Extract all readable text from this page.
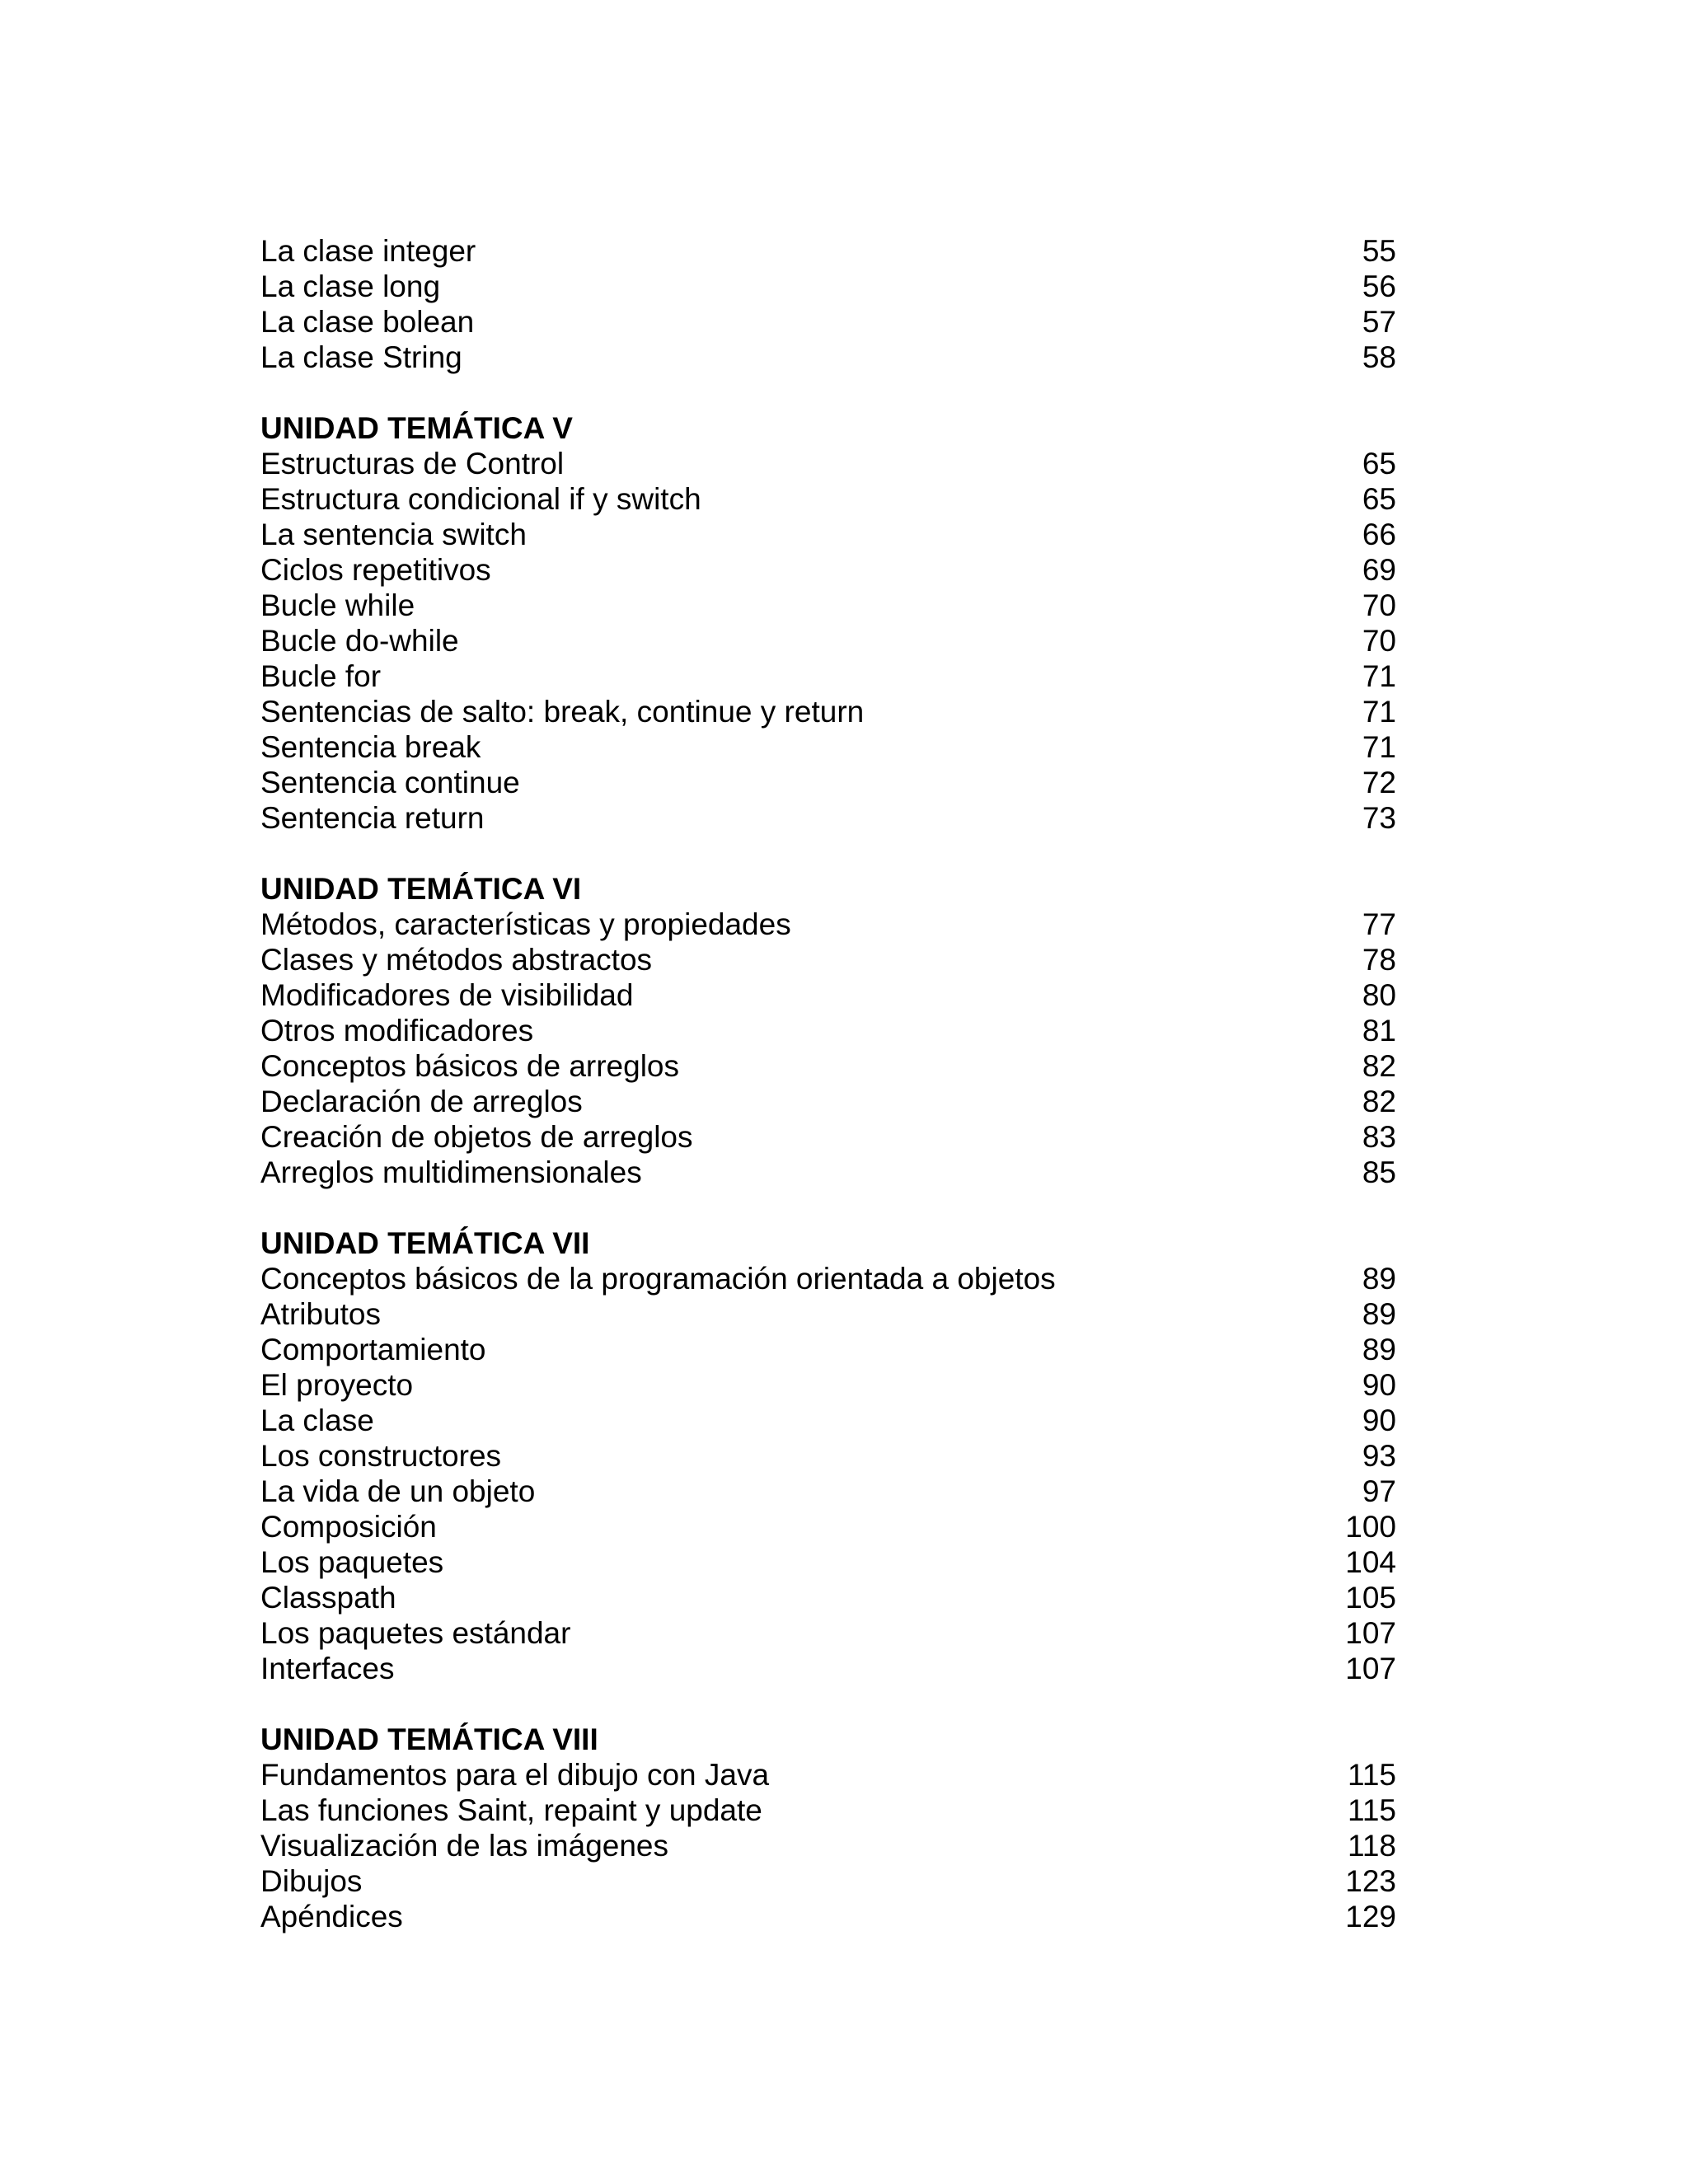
La clase integer	55
La clase long	56
La clase bolean	57
La clase String	58
UNIDAD TEMÁTICA V
Estructuras de Control	65
Estructura condicional if y switch	65
La sentencia switch	66
Ciclos repetitivos	69
Bucle while	70
Bucle do-while	70
Bucle for	71
Sentencias de salto: break, continue y return	71
Sentencia break	71
Sentencia continue	72
Sentencia return	73
UNIDAD TEMÁTICA VI
Métodos, características y propiedades	77
Clases y métodos abstractos	78
Modificadores de visibilidad	80
Otros modificadores	81
Conceptos básicos de arreglos	82
Declaración de arreglos	82
Creación de objetos de arreglos	83
Arreglos multidimensionales	85
UNIDAD TEMÁTICA VII
Conceptos básicos de la programación orientada a objetos	89
Atributos	89
Comportamiento	89
El proyecto	90
La clase	90
Los constructores	93
La vida de un objeto	97
Composición	100
Los paquetes	104
Classpath	105
Los paquetes estándar	107
Interfaces	107
UNIDAD TEMÁTICA VIII
Fundamentos para el dibujo con Java	115
Las funciones Saint, repaint y update	115
Visualización de las imágenes	118
Dibujos	123
Apéndices	129
